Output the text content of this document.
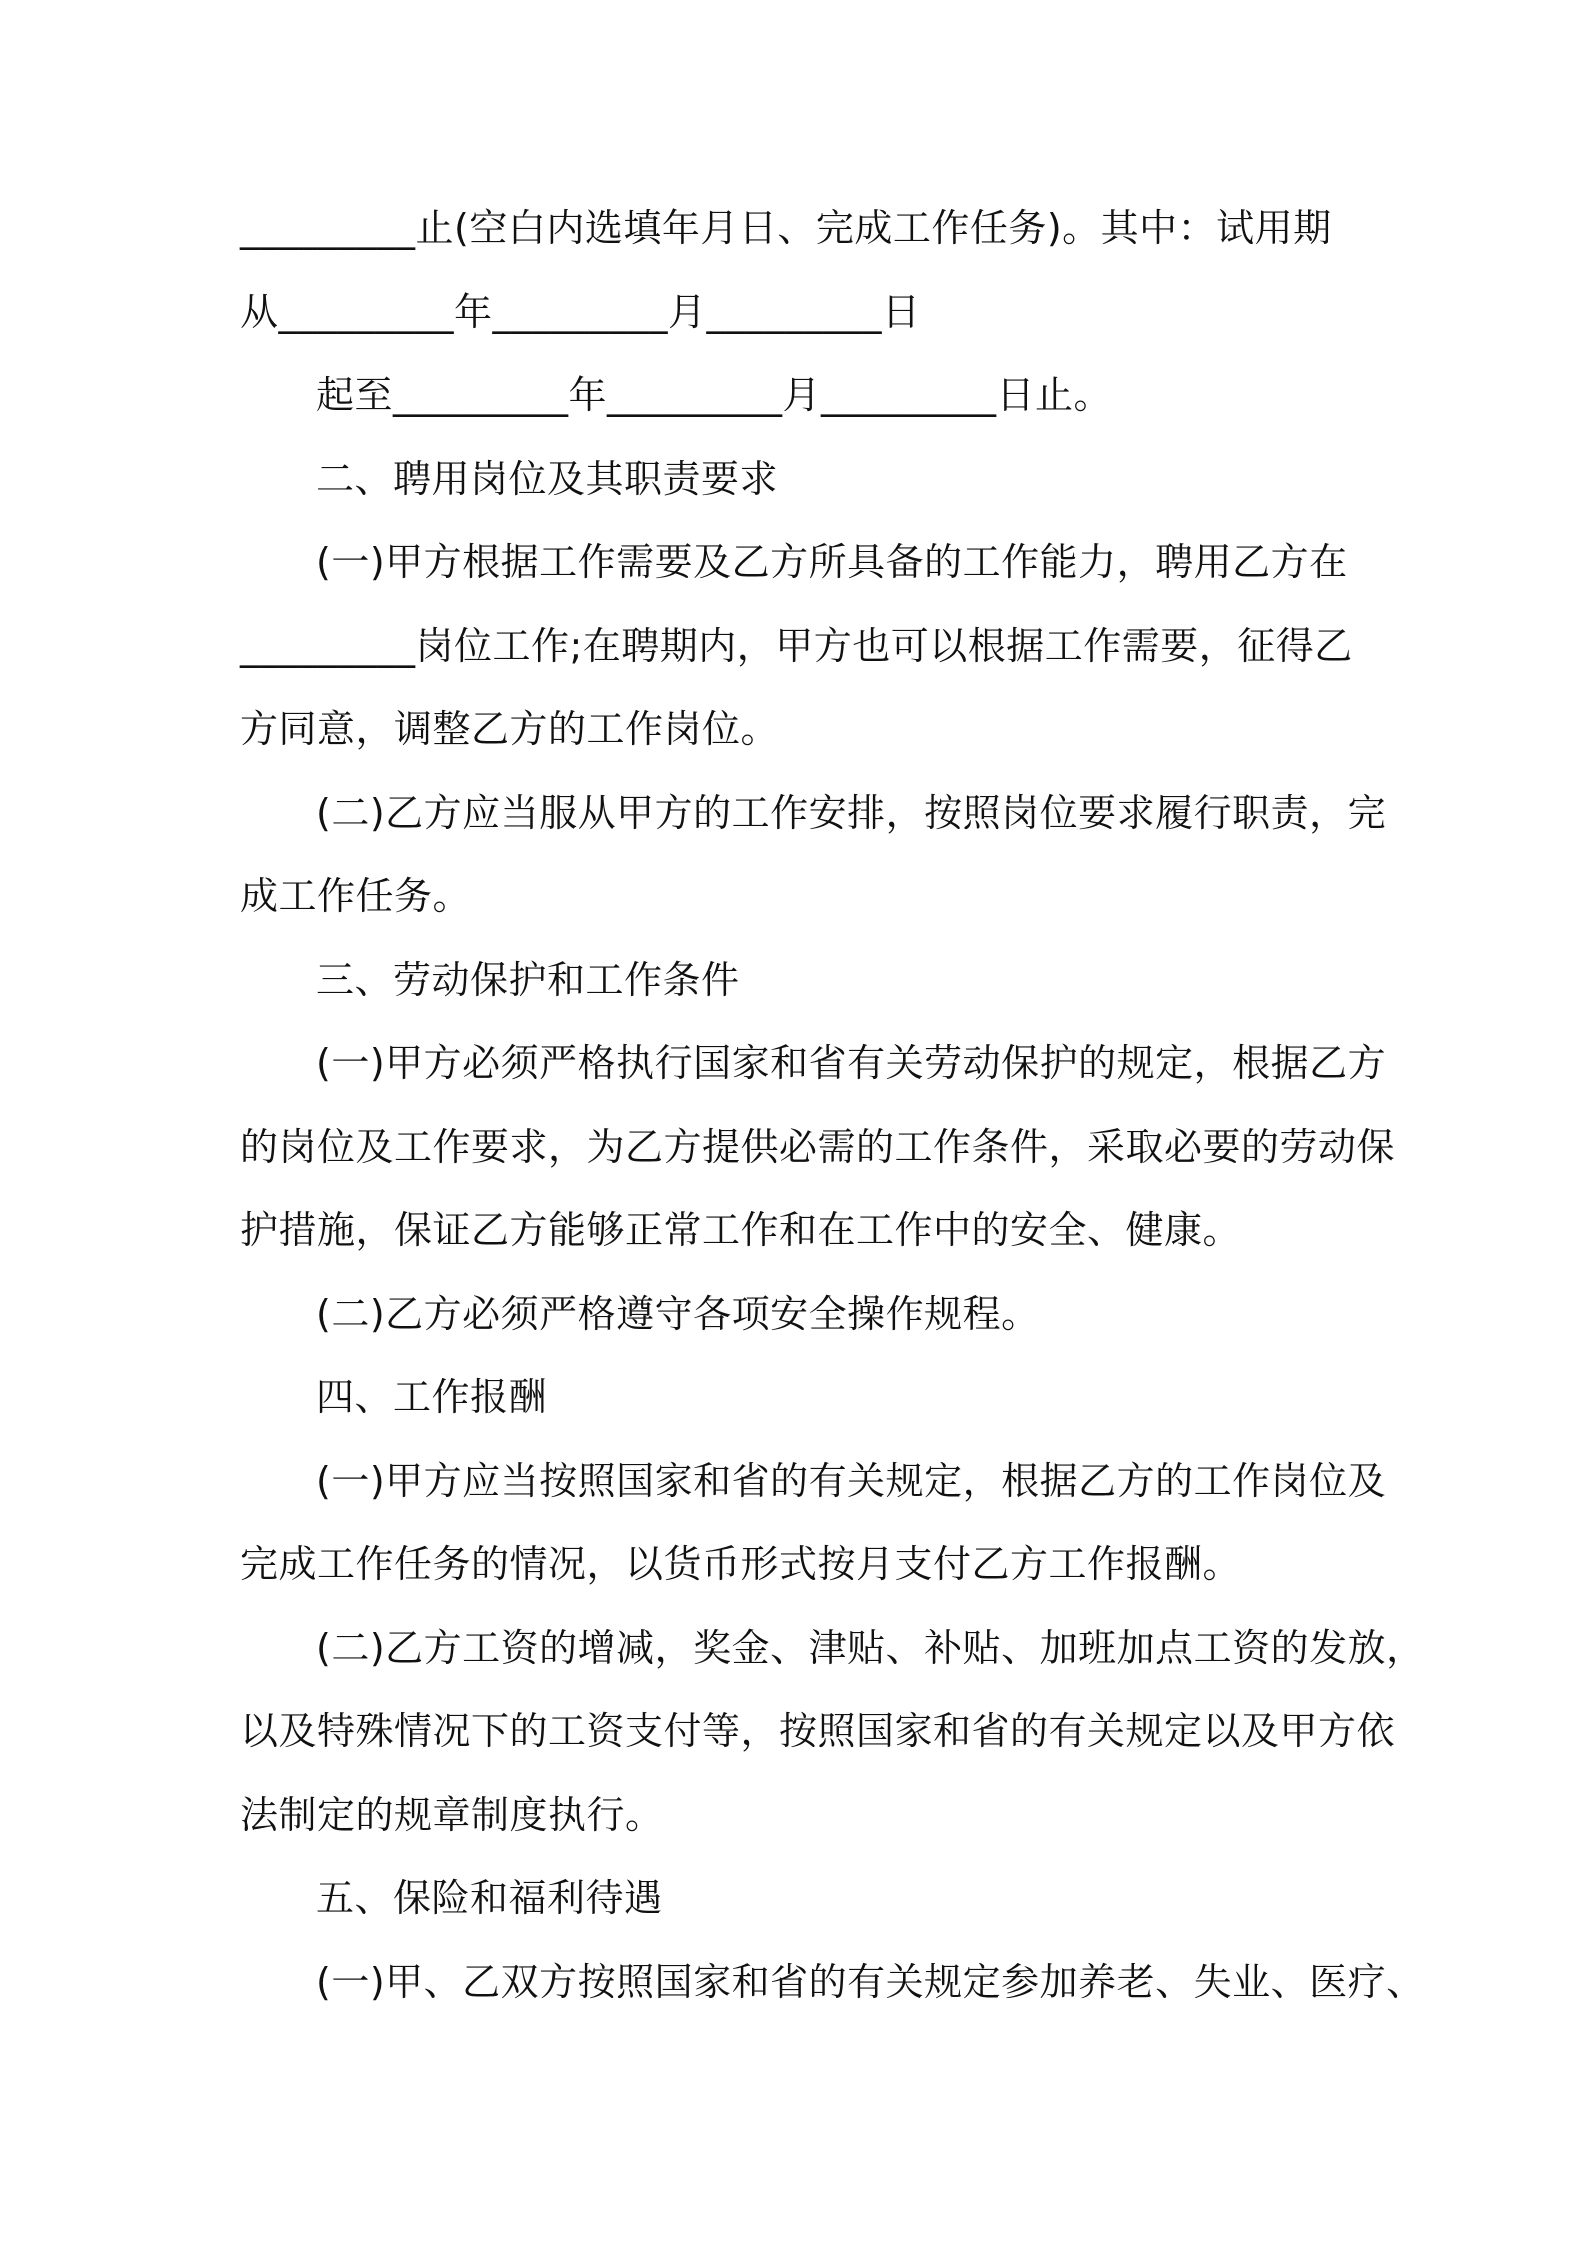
_________止(空白内选填年月日、完成工作任务)。其中：试用期
从_________年_________月_________日
起至_________年_________月_________日止。
二、聘用岗位及其职责要求
(一)甲方根据工作需要及乙方所具备的工作能力，聘用乙方在
_________岗位工作;在聘期内，甲方也可以根据工作需要，征得乙
方同意，调整乙方的工作岗位。
(二)乙方应当服从甲方的工作安排，按照岗位要求履行职责，完
成工作任务。
三、劳动保护和工作条件
(一)甲方必须严格执行国家和省有关劳动保护的规定，根据乙方
的岗位及工作要求，为乙方提供必需的工作条件，采取必要的劳动保
护措施，保证乙方能够正常工作和在工作中的安全、健康。
(二)乙方必须严格遵守各项安全操作规程。
四、工作报酬
(一)甲方应当按照国家和省的有关规定，根据乙方的工作岗位及
完成工作任务的情况，以货币形式按月支付乙方工作报酬。
(二)乙方工资的增减，奖金、津贴、补贴、加班加点工资的发放，
以及特殊情况下的工资支付等，按照国家和省的有关规定以及甲方依
法制定的规章制度执行。
五、保险和福利待遇
(一)甲、乙双方按照国家和省的有关规定参加养老、失业、医疗、
